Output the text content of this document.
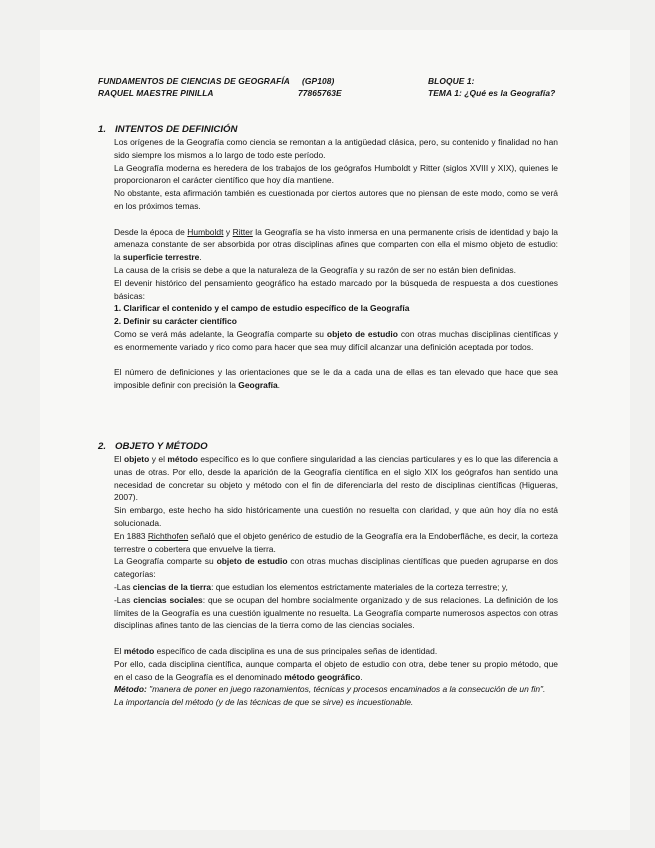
FUNDAMENTOS DE CIENCIAS DE GEOGRAFÍA (GP108)
RAQUEL MAESTRE PINILLA	77865763E
BLOQUE 1:
TEMA 1: ¿Qué es la Geografía?
1. INTENTOS DE DEFINICIÓN

Los orígenes de la Geografía como ciencia se remontan a la antigüedad clásica, pero, su contenido y finalidad no han sido siempre los mismos a lo largo de todo este período.

La Geografía moderna es heredera de los trabajos de los geógrafos Humboldt y Ritter (siglos XVIII y XIX), quienes le proporcionaron el carácter científico que hoy día mantiene.

No obstante, esta afirmación también es cuestionada por ciertos autores que no piensan de este modo, como se verá en los próximos temas.

Desde la época de Humboldt y Ritter la Geografía se ha visto inmersa en una permanente crisis de identidad y bajo la amenaza constante de ser absorbida por otras disciplinas afines que comparten con ella el mismo objeto de estudio: la superficie terrestre.

La causa de la crisis se debe a que la naturaleza de la Geografía y su razón de ser no están bien definidas.

El devenir histórico del pensamiento geográfico ha estado marcado por la búsqueda de respuesta a dos cuestiones básicas:

1. Clarificar el contenido y el campo de estudio específico de la Geografía

2. Definir su carácter científico

Como se verá más adelante, la Geografía comparte su objeto de estudio con otras muchas disciplinas científicas y es enormemente variado y rico como para hacer que sea muy difícil alcanzar una definición aceptada por todos.

El número de definiciones y las orientaciones que se le da a cada una de ellas es tan elevado que hace que sea imposible definir con precisión la Geografía.

2. OBJETO Y MÉTODO

El objeto y el método específico es lo que confiere singularidad a las ciencias particulares y es lo que las diferencia a unas de otras. Por ello, desde la aparición de la Geografía científica en el siglo XIX los geógrafos han sentido una necesidad de concretar su objeto y método con el fin de diferenciarla del resto de disciplinas científicas (Higueras, 2007).

Sin embargo, este hecho ha sido históricamente una cuestión no resuelta con claridad, y que aún hoy día no está solucionada.

En 1883 Richthofen señaló que el objeto genérico de estudio de la Geografía era la Endoberfläche, es decir, la corteza terrestre o cobertera que envuelve la tierra.

La Geografía comparte su objeto de estudio con otras muchas disciplinas científicas que pueden agruparse en dos categorías:

-Las ciencias de la tierra: que estudian los elementos estrictamente materiales de la corteza terrestre; y,

-Las ciencias sociales: que se ocupan del hombre socialmente organizado y de sus relaciones. La definición de los límites de la Geografía es una cuestión igualmente no resuelta. La Geografía comparte numerosos aspectos con otras disciplinas afines tanto de las ciencias de la tierra como de las ciencias sociales.

El método específico de cada disciplina es una de sus principales señas de identidad.

Por ello, cada disciplina científica, aunque comparta el objeto de estudio con otra, debe tener su propio método, que en el caso de la Geografía es el denominado método geográfico.

Método: "manera de poner en juego razonamientos, técnicas y procesos encaminados a la consecución de un fin".

La importancia del método (y de las técnicas de que se sirve) es incuestionable.
